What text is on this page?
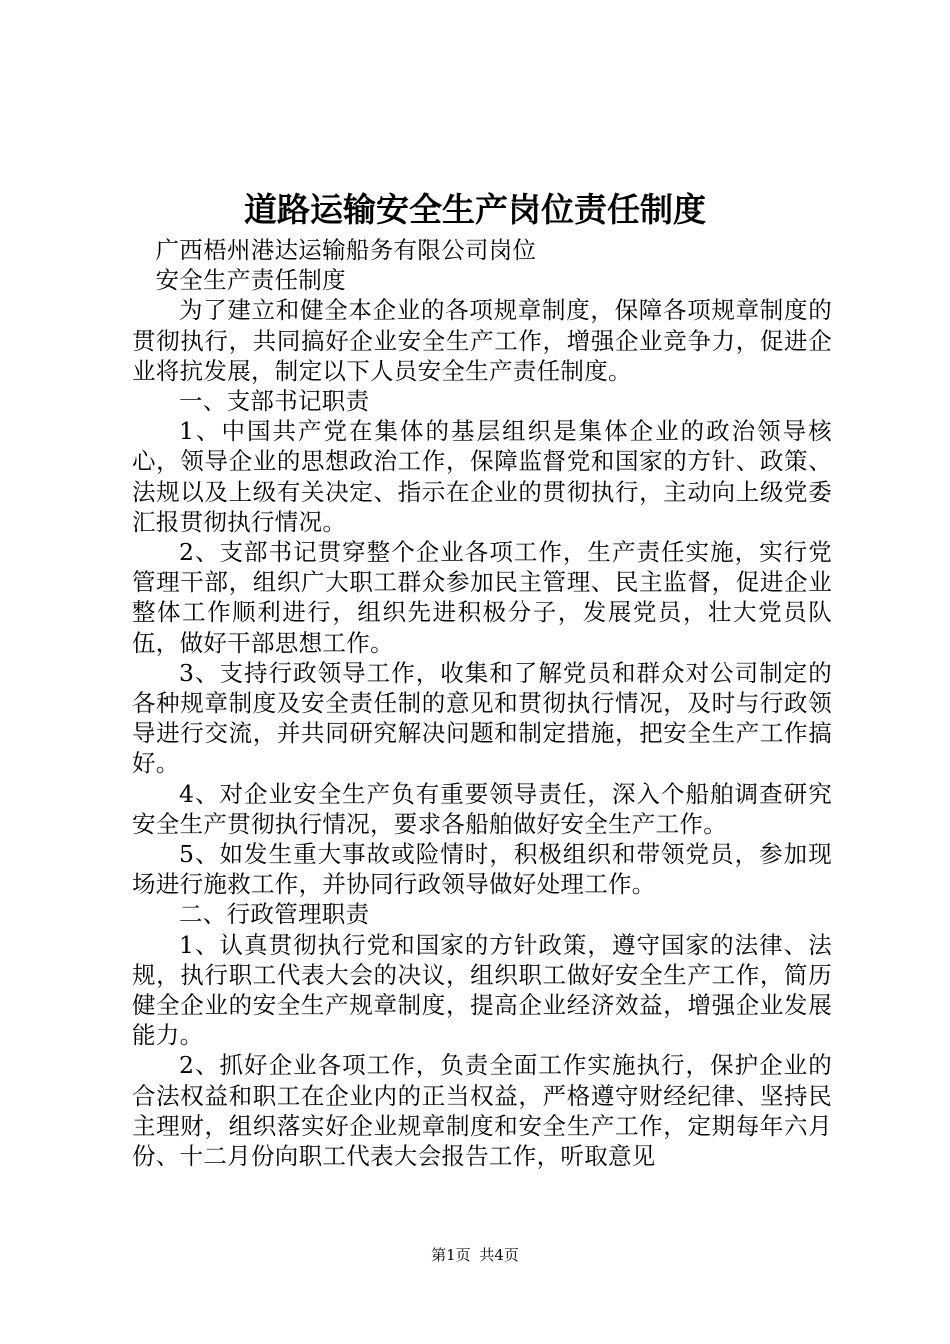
道路运输安全生产岗位责任制度

广西梧州港达运输船务有限公司岗位

安全生产责任制度

为了建立和健全本企业的各项规章制度，保障各项规章制度的贯彻执行，共同搞好企业安全生产工作，增强企业竞争力，促进企业将抗发展，制定以下人员安全生产责任制度。

一、支部书记职责

1、中国共产党在集体的基层组织是集体企业的政治领导核心，领导企业的思想政治工作，保障监督党和国家的方针、政策、法规以及上级有关决定、指示在企业的贯彻执行，主动向上级党委汇报贯彻执行情况。

2、支部书记贯穿整个企业各项工作，生产责任实施，实行党管理干部，组织广大职工群众参加民主管理、民主监督，促进企业整体工作顺利进行，组织先进积极分子，发展党员，壮大党员队伍，做好干部思想工作。

3、支持行政领导工作，收集和了解党员和群众对公司制定的各种规章制度及安全责任制的意见和贯彻执行情况，及时与行政领导进行交流，并共同研究解决问题和制定措施，把安全生产工作搞好。

4、对企业安全生产负有重要领导责任，深入个船舶调查研究安全生产贯彻执行情况，要求各船舶做好安全生产工作。

5、如发生重大事故或险情时，积极组织和带领党员，参加现场进行施救工作，并协同行政领导做好处理工作。

二、行政管理职责

1、认真贯彻执行党和国家的方针政策，遵守国家的法律、法规，执行职工代表大会的决议，组织职工做好安全生产工作，简历健全企业的安全生产规章制度，提高企业经济效益，增强企业发展能力。

2、抓好企业各项工作，负责全面工作实施执行，保护企业的合法权益和职工在企业内的正当权益，严格遵守财经纪律、坚持民主理财，组织落实好企业规章制度和安全生产工作，定期每年六月份、十二月份向职工代表大会报告工作，听取意见

第1页 共4页
